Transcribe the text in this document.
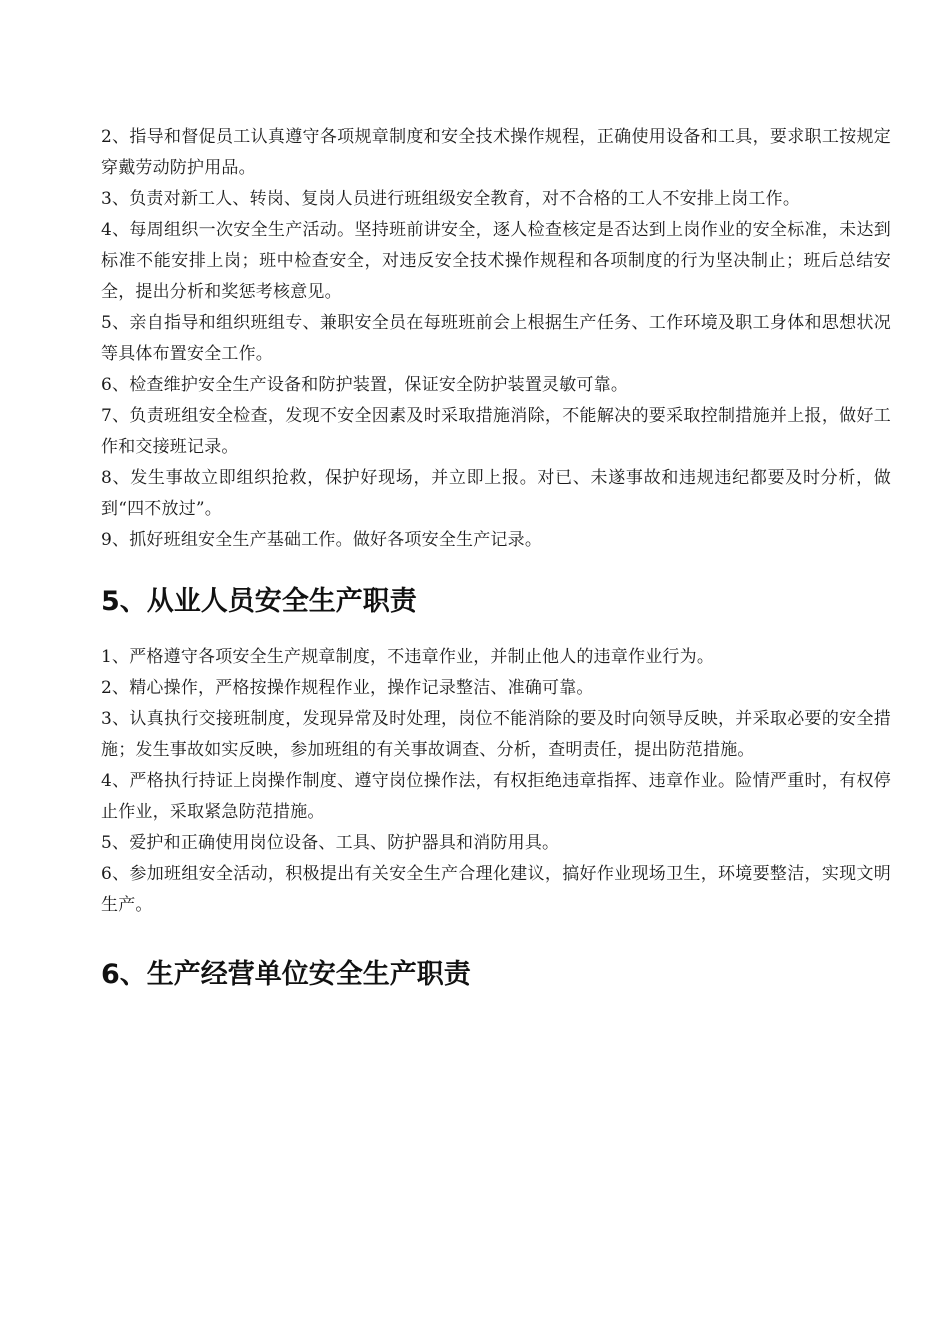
2、指导和督促员工认真遵守各项规章制度和安全技术操作规程，正确使用设备和工具，要求职工按规定穿戴劳动防护用品。

3、负责对新工人、转岗、复岗人员进行班组级安全教育，对不合格的工人不安排上岗工作。

4、每周组织一次安全生产活动。坚持班前讲安全，逐人检查核定是否达到上岗作业的安全标准，未达到标准不能安排上岗；班中检查安全，对违反安全技术操作规程和各项制度的行为坚决制止；班后总结安全，提出分析和奖惩考核意见。

5、亲自指导和组织班组专、兼职安全员在每班班前会上根据生产任务、工作环境及职工身体和思想状况等具体布置安全工作。

6、检查维护安全生产设备和防护装置，保证安全防护装置灵敏可靠。

7、负责班组安全检查，发现不安全因素及时采取措施消除，不能解决的要采取控制措施并上报，做好工作和交接班记录。

8、发生事故立即组织抢救，保护好现场，并立即上报。对已、未遂事故和违规违纪都要及时分析，做到“四不放过”。

9、抓好班组安全生产基础工作。做好各项安全生产记录。

5、从业人员安全生产职责

1、严格遵守各项安全生产规章制度，不违章作业，并制止他人的违章作业行为。

2、精心操作，严格按操作规程作业，操作记录整洁、准确可靠。

3、认真执行交接班制度，发现异常及时处理，岗位不能消除的要及时向领导反映，并采取必要的安全措施；发生事故如实反映，参加班组的有关事故调查、分析，查明责任，提出防范措施。

4、严格执行持证上岗操作制度、遵守岗位操作法，有权拒绝违章指挥、违章作业。险情严重时，有权停止作业，采取紧急防范措施。

5、爱护和正确使用岗位设备、工具、防护器具和消防用具。

6、参加班组安全活动，积极提出有关安全生产合理化建议，搞好作业现场卫生，环境要整洁，实现文明生产。

6、生产经营单位安全生产职责
